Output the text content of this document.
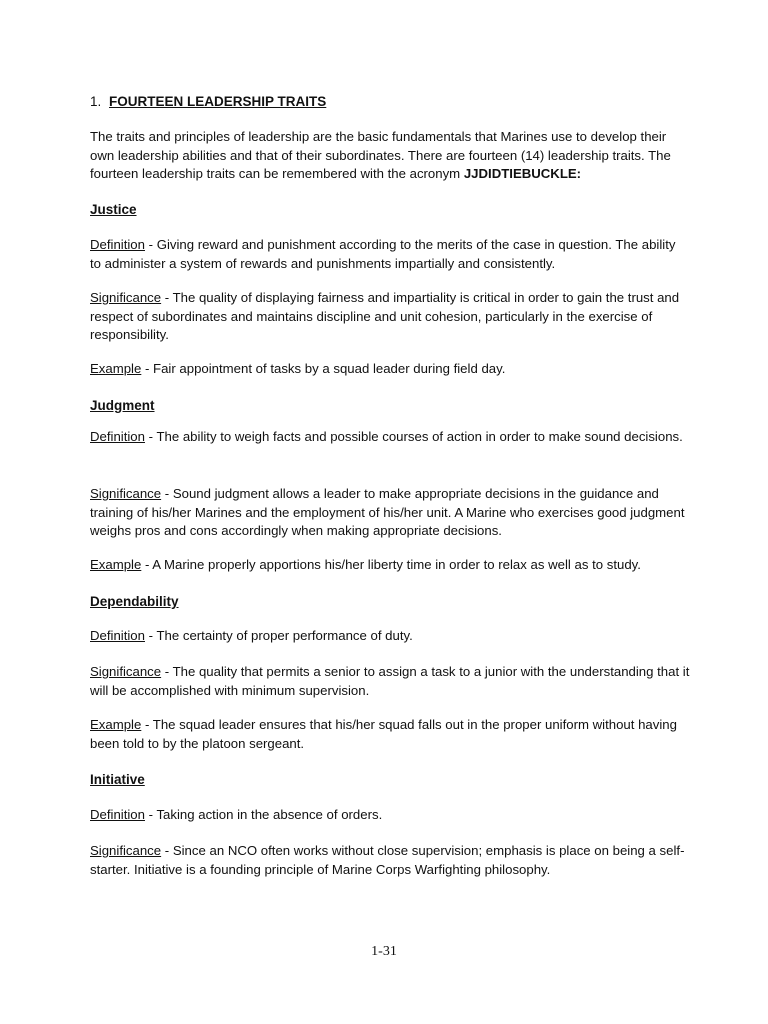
1. FOURTEEN LEADERSHIP TRAITS
The traits and principles of leadership are the basic fundamentals that Marines use to develop their own leadership abilities and that of their subordinates. There are fourteen (14) leadership traits. The fourteen leadership traits can be remembered with the acronym JJDIDTIEBUCKLE:
Justice
Definition - Giving reward and punishment according to the merits of the case in question. The ability to administer a system of rewards and punishments impartially and consistently.
Significance - The quality of displaying fairness and impartiality is critical in order to gain the trust and respect of subordinates and maintains discipline and unit cohesion, particularly in the exercise of responsibility.
Example - Fair appointment of tasks by a squad leader during field day.
Judgment
Definition - The ability to weigh facts and possible courses of action in order to make sound decisions.
Significance - Sound judgment allows a leader to make appropriate decisions in the guidance and training of his/her Marines and the employment of his/her unit. A Marine who exercises good judgment weighs pros and cons accordingly when making appropriate decisions.
Example - A Marine properly apportions his/her liberty time in order to relax as well as to study.
Dependability
Definition - The certainty of proper performance of duty.
Significance - The quality that permits a senior to assign a task to a junior with the understanding that it will be accomplished with minimum supervision.
Example - The squad leader ensures that his/her squad falls out in the proper uniform without having been told to by the platoon sergeant.
Initiative
Definition - Taking action in the absence of orders.
Significance - Since an NCO often works without close supervision; emphasis is place on being a self-starter. Initiative is a founding principle of Marine Corps Warfighting philosophy.
1-31
